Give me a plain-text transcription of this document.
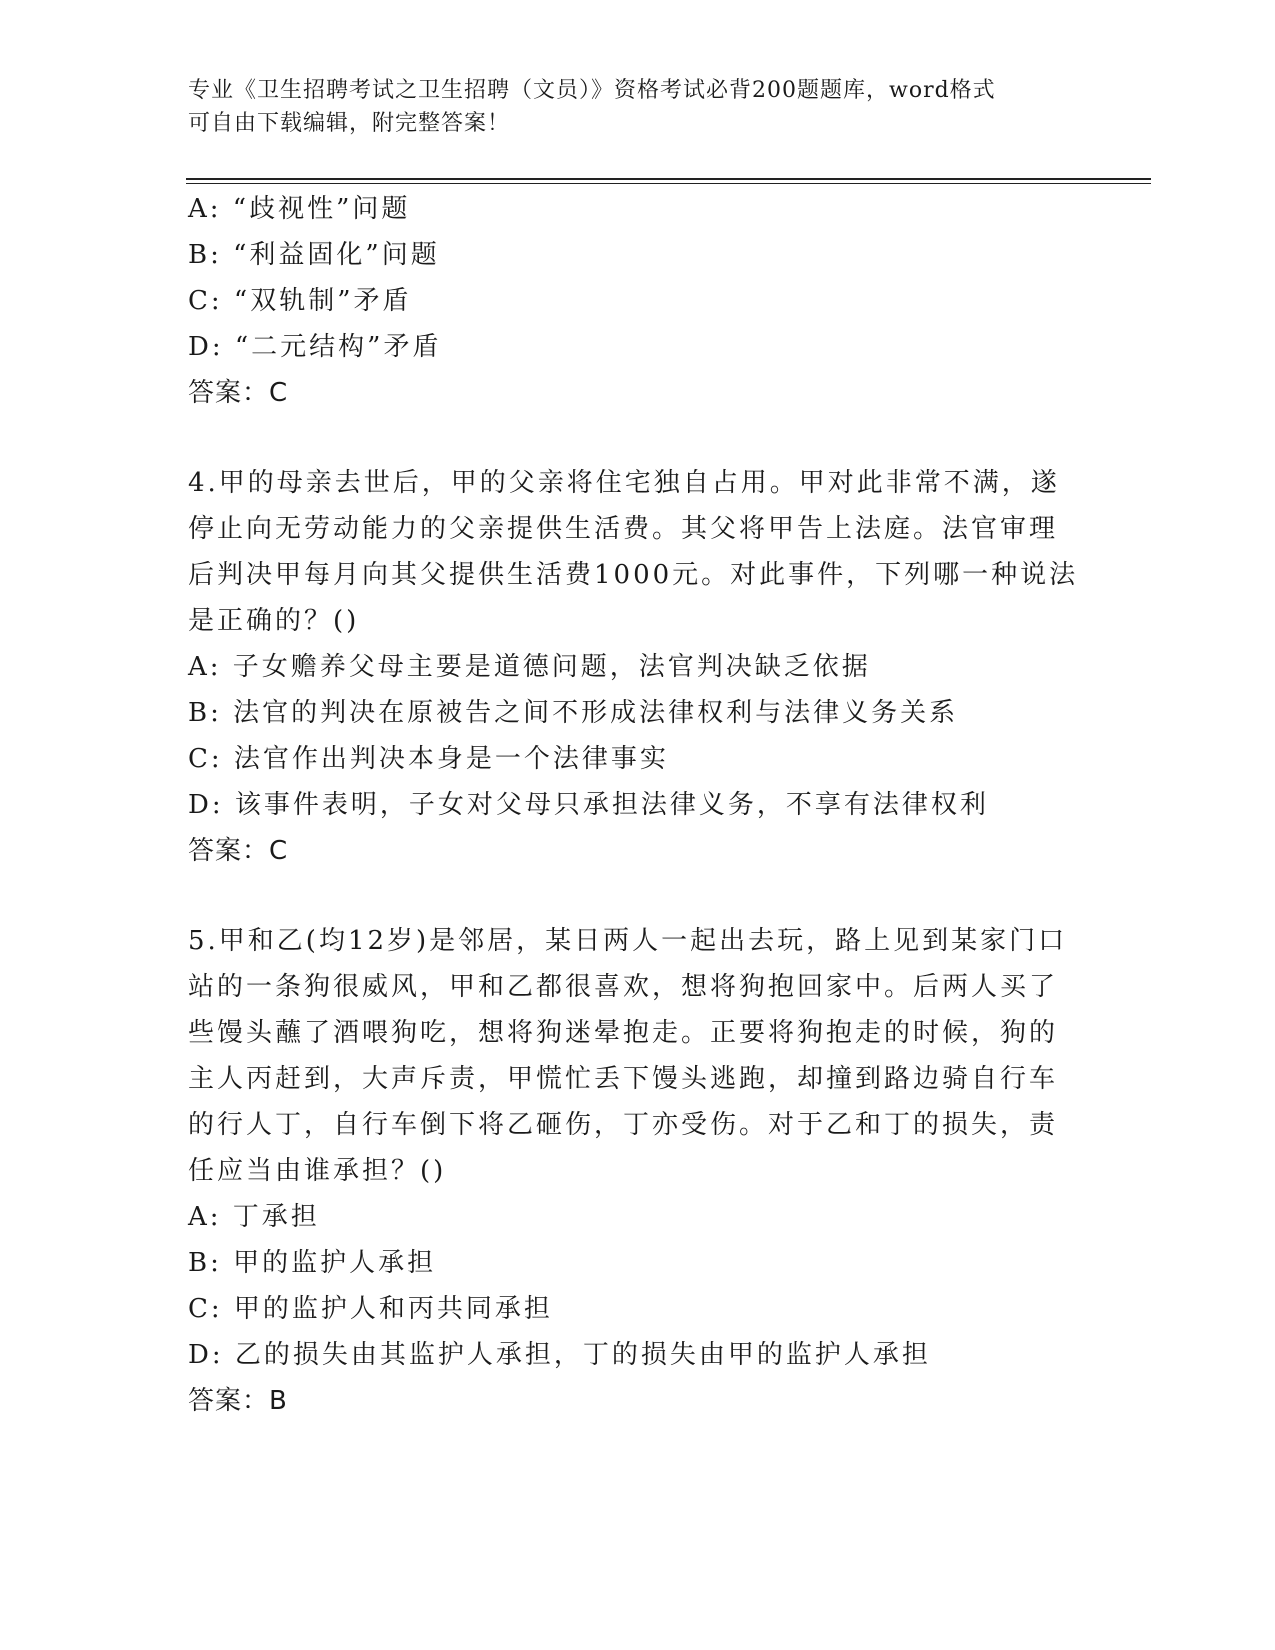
专业《卫生招聘考试之卫生招聘（文员）》资格考试必背200题题库，word格式
可自由下载编辑，附完整答案！
A: “歧视性”问题
B: “利益固化”问题
C: “双轨制”矛盾
D: “二元结构”矛盾
答案：C
4.甲的母亲去世后，甲的父亲将住宅独自占用。甲对此非常不满，遂
停止向无劳动能力的父亲提供生活费。其父将甲告上法庭。法官审理
后判决甲每月向其父提供生活费1000元。对此事件，下列哪一种说法
是正确的？()
A: 子女赡养父母主要是道德问题，法官判决缺乏依据
B: 法官的判决在原被告之间不形成法律权利与法律义务关系
C: 法官作出判决本身是一个法律事实
D: 该事件表明，子女对父母只承担法律义务，不享有法律权利
答案：C
5.甲和乙(均12岁)是邻居，某日两人一起出去玩，路上见到某家门口
站的一条狗很威风，甲和乙都很喜欢，想将狗抱回家中。后两人买了
些馒头蘸了酒喂狗吃，想将狗迷晕抱走。正要将狗抱走的时候，狗的
主人丙赶到，大声斥责，甲慌忙丢下馒头逃跑，却撞到路边骑自行车
的行人丁，自行车倒下将乙砸伤，丁亦受伤。对于乙和丁的损失，责
任应当由谁承担？()
A: 丁承担
B: 甲的监护人承担
C: 甲的监护人和丙共同承担
D: 乙的损失由其监护人承担，丁的损失由甲的监护人承担
答案：B
